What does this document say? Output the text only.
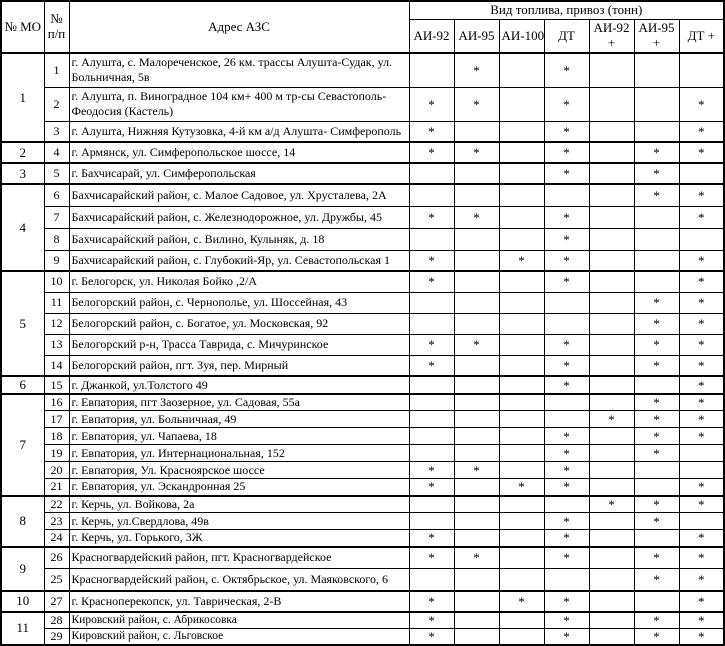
№ МО	№ п/п	Адрес АЗС	Вид топлива, привоз (тонн)						
			АИ-92	АИ-95	АИ-100	ДТ	АИ-92 +	АИ-95 +	ДТ +
1	1	г. Алушта, с. Малореченское, 26 км. трассы Алушта-Судак, ул. Больничная, 5в		*		*			
	2	г. Алушта, п. Виноградное 104 км+ 400 м тр-сы Севастополь-Феодосия (Кастель)	*	*		*			*
	3	г. Алушта, Нижняя Кутузовка, 4-й км а/д Алушта- Симферополь	*			*			*
2	4	г. Армянск, ул. Симферопольское шоссе, 14	*	*		*		*	*
3	5	г. Бахчисарай, ул. Симферопольская				*		*	
4	6	Бахчисарайский район, с. Малое Садовое, ул. Хрусталева, 2А						*	*
	7	Бахчисарайский район, с. Железнодорожное, ул. Дружбы, 45	*	*		*			*
	8	Бахчисарайский район, с. Вилино, Кулыняк, д. 18				*			
	9	Бахчисарайский район, с. Глубокий-Яр, ул. Севастопольская 1	*		*	*			*
5	10	г. Белогорск, ул. Николая Бойко ,2/А	*			*			*
	11	Белогорский район, с. Чернополье, ул. Шоссейная, 43						*	*
	12	Белогорский район, с. Богатое, ул. Московская, 92						*	*
	13	Белогорский р-н, Трасса Таврида, с. Мичуринское	*	*		*		*	*
	14	Белогорский район, пгт. Зуя, пер. Мирный	*			*		*	*
6	15	г. Джанкой, ул.Толстого 49				*			*
7	16	г. Евпатория, пгт Заозерное, ул. Садовая, 55а						*	*
	17	г. Евпатория, ул. Больничная, 49					*	*	*
	18	г. Евпатория, ул. Чапаева, 18				*		*	*
	19	г. Евпатория, ул. Интернациональная, 152				*		*	
	20	г. Евпатория, Ул. Красноярское шоссе	*	*		*			
	21	г. Евпатория, ул. Эскандронная 25	*		*	*			*
8	22	г. Керчь, ул. Войкова, 2а					*	*	*
	23	г. Керчь, ул.Свердлова, 49в				*		*	
	24	г. Керчь, ул. Горького, 3Ж	*			*			*
9	26	Красногвардейский район, пгт. Красногвардейское	*	*		*		*	*
	25	Красногвардейский район, с. Октябрьское, ул. Маяковского, 6						*	*
10	27	г. Красноперекопск, ул. Таврическая, 2-В	*		*	*			*
11	28	Кировский район, с. Абрикосовка	*			*		*	*
	29	Кировский район, с. Льговское	*			*		*	*
